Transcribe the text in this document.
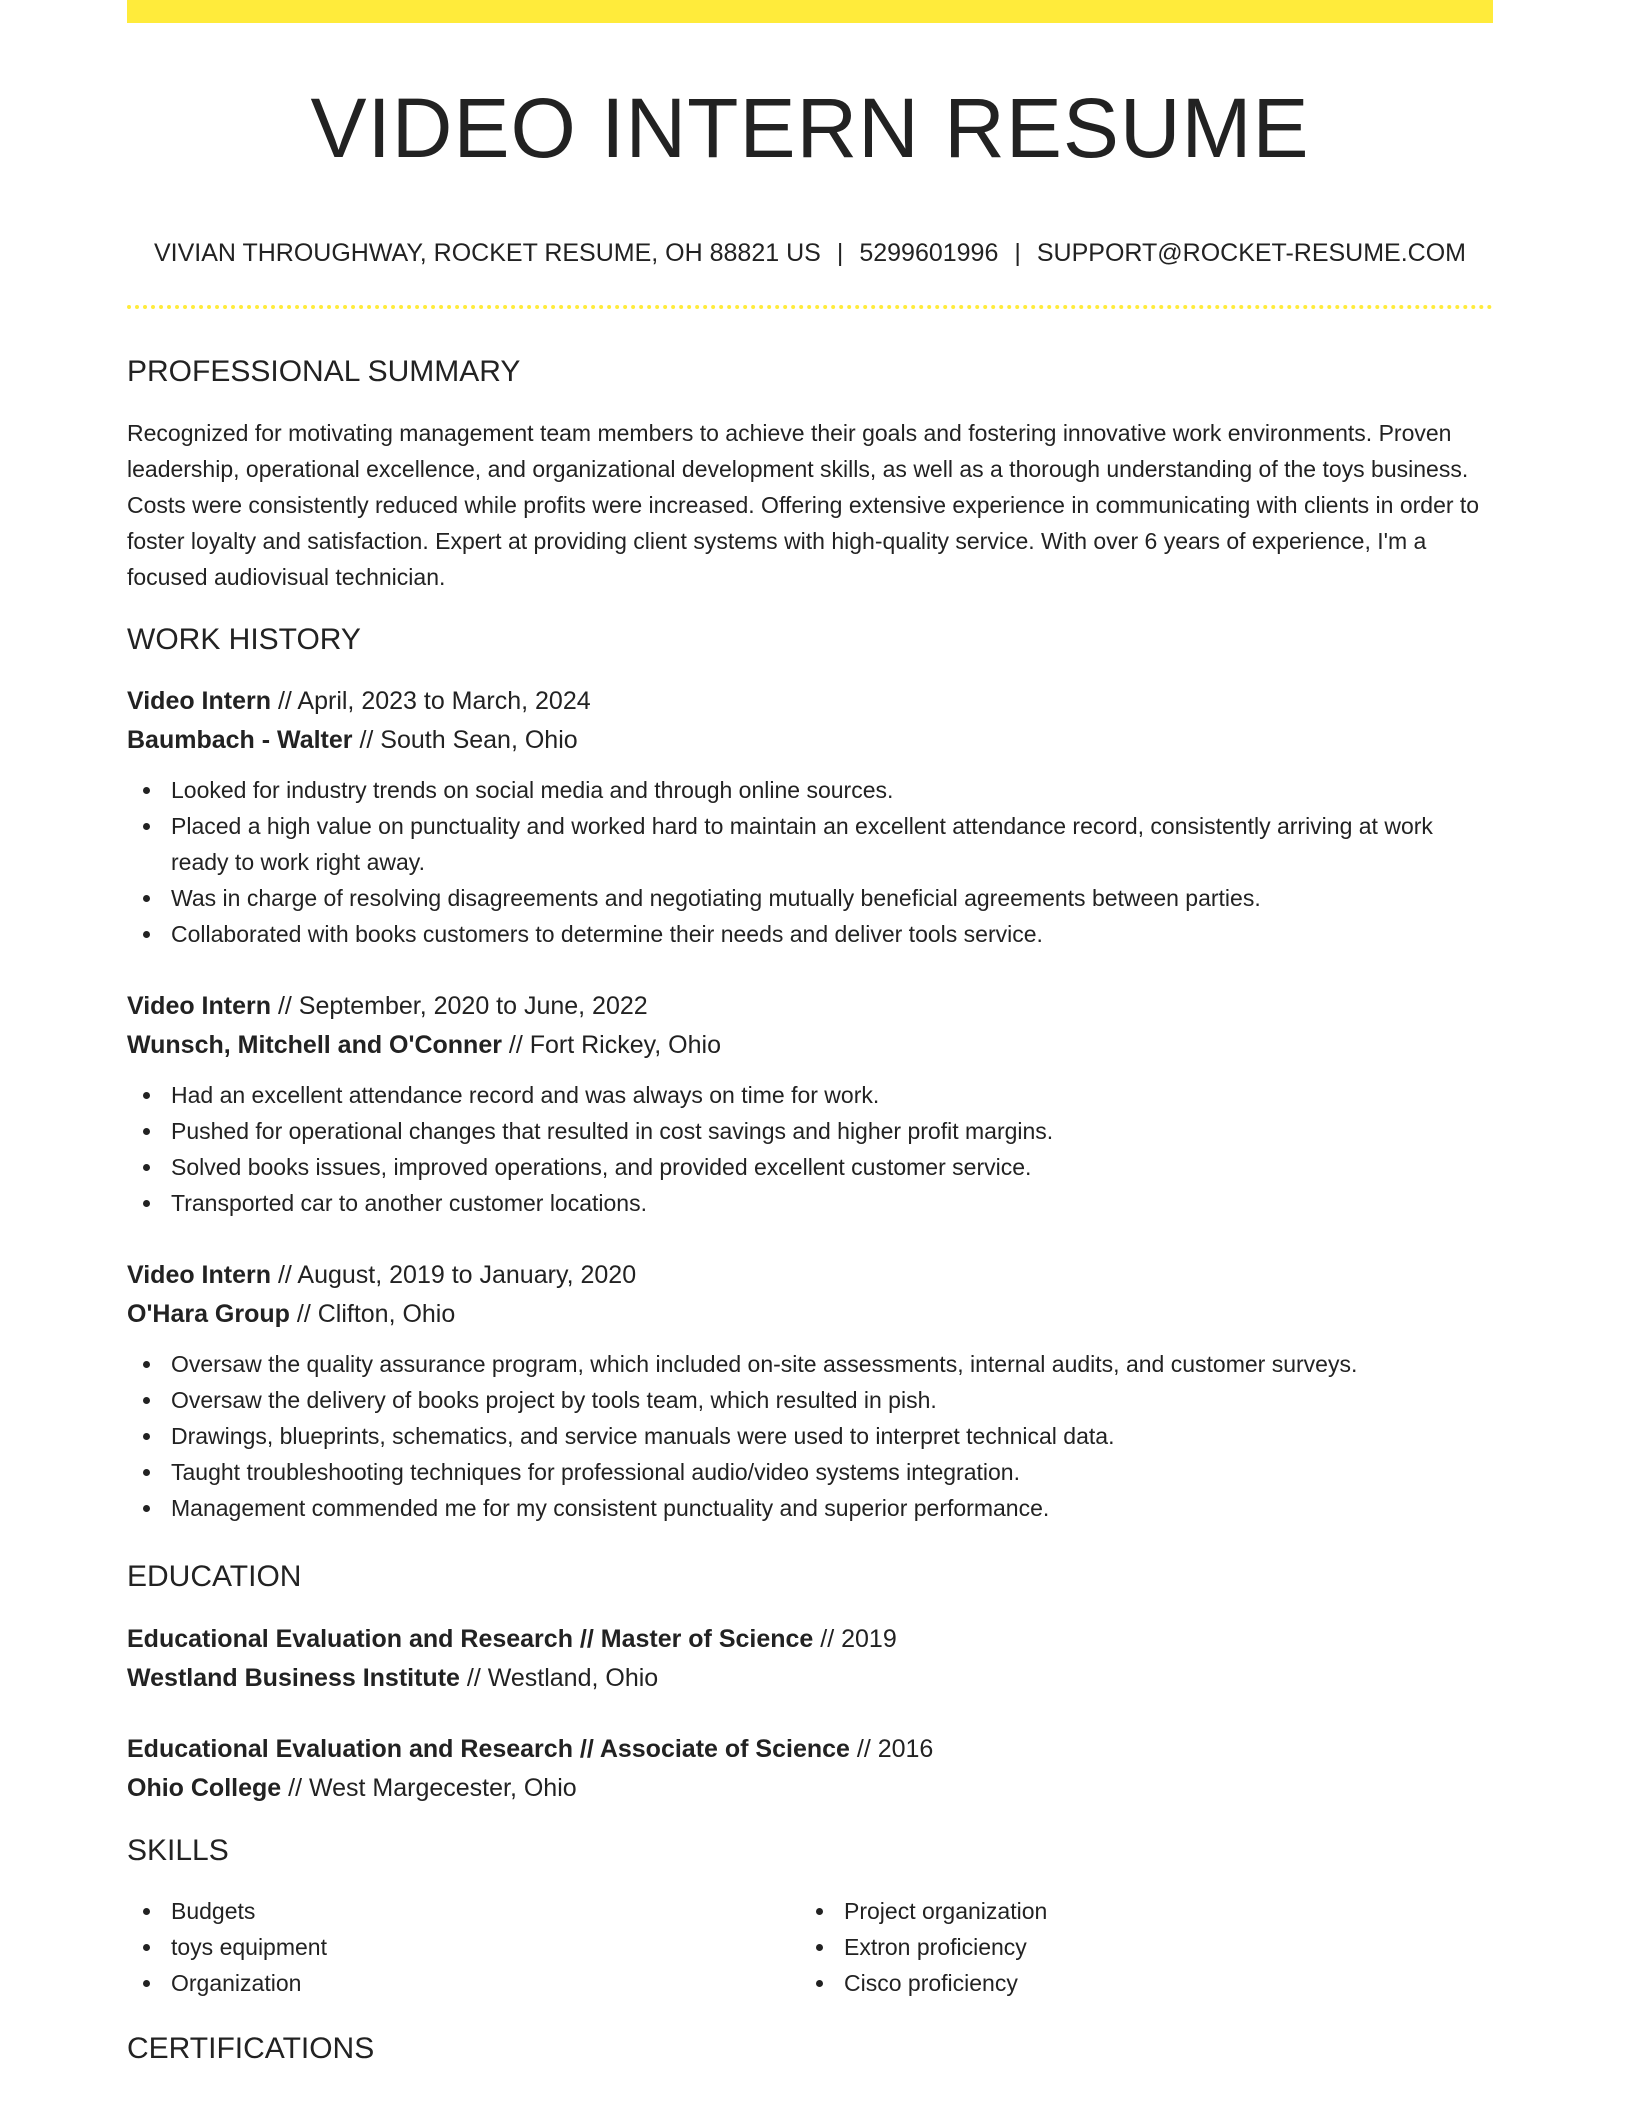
VIDEO INTERN RESUME
VIVIAN THROUGHWAY, ROCKET RESUME, OH 88821 US | 5299601996 | SUPPORT@ROCKET-RESUME.COM
PROFESSIONAL SUMMARY

Recognized for motivating management team members to achieve their goals and fostering innovative work environments. Proven leadership, operational excellence, and organizational development skills, as well as a thorough understanding of the toys business. Costs were consistently reduced while profits were increased. Offering extensive experience in communicating with clients in order to foster loyalty and satisfaction. Expert at providing client systems with high-quality service. With over 6 years of experience, I'm a focused audiovisual technician.

WORK HISTORY
Video Intern // April, 2023 to March, 2024
Baumbach - Walter // South Sean, Ohio
Looked for industry trends on social media and through online sources.
Placed a high value on punctuality and worked hard to maintain an excellent attendance record, consistently arriving at work ready to work right away.
Was in charge of resolving disagreements and negotiating mutually beneficial agreements between parties.
Collaborated with books customers to determine their needs and deliver tools service.
Video Intern // September, 2020 to June, 2022
Wunsch, Mitchell and O'Conner // Fort Rickey, Ohio
Had an excellent attendance record and was always on time for work.
Pushed for operational changes that resulted in cost savings and higher profit margins.
Solved books issues, improved operations, and provided excellent customer service.
Transported car to another customer locations.
Video Intern // August, 2019 to January, 2020
O'Hara Group // Clifton, Ohio
Oversaw the quality assurance program, which included on-site assessments, internal audits, and customer surveys.
Oversaw the delivery of books project by tools team, which resulted in pish.
Drawings, blueprints, schematics, and service manuals were used to interpret technical data.
Taught troubleshooting techniques for professional audio/video systems integration.
Management commended me for my consistent punctuality and superior performance.
EDUCATION
Educational Evaluation and Research // Master of Science // 2019
Westland Business Institute // Westland, Ohio
Educational Evaluation and Research // Associate of Science // 2016
Ohio College // West Margecester, Ohio
SKILLS
Budgets
toys equipment
Organization
Project organization
Extron proficiency
Cisco proficiency
CERTIFICATIONS
